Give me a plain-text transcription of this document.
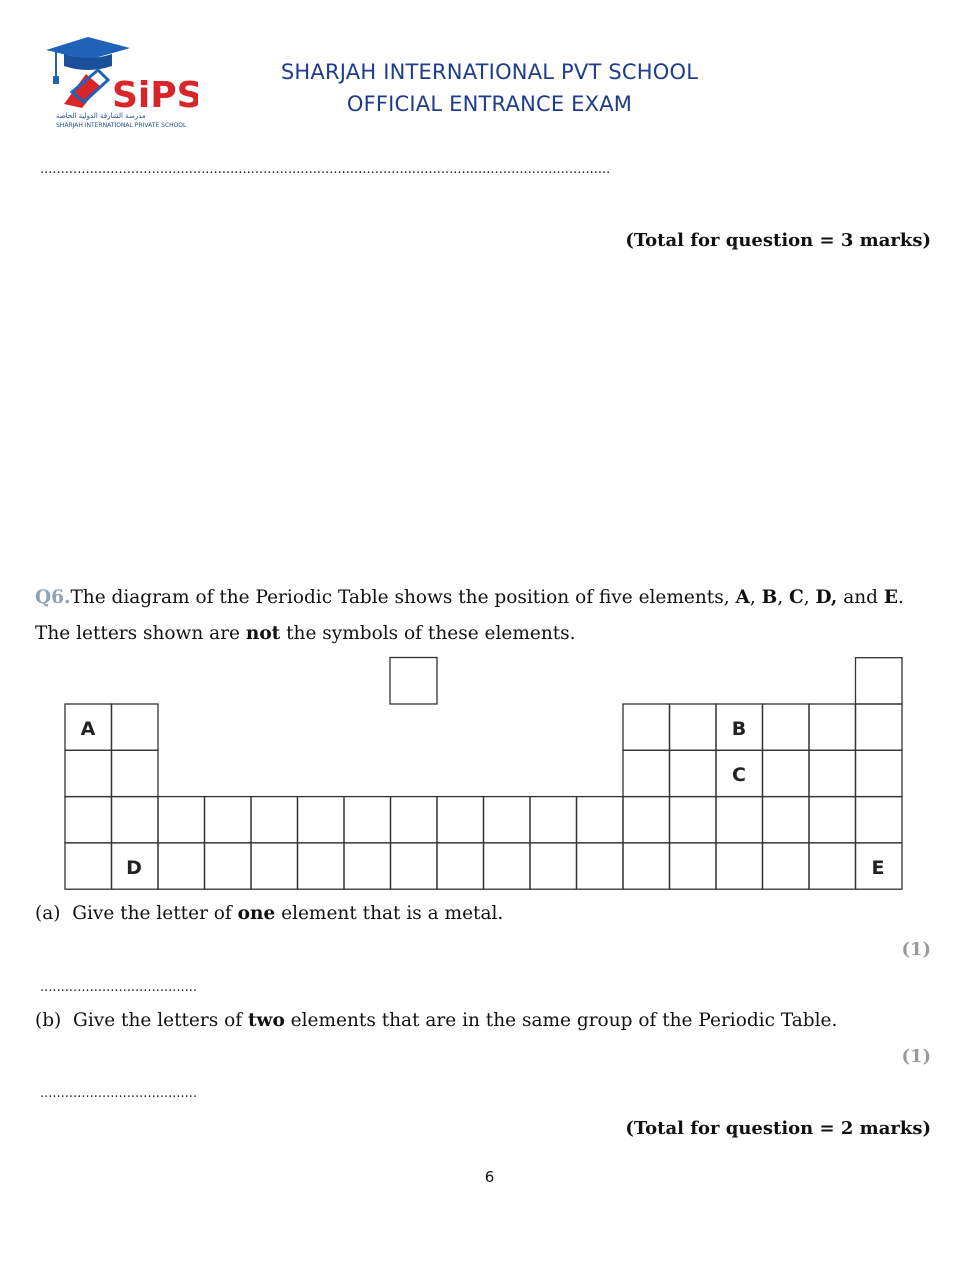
SiPS
مدرسة الشارقة الدولية الخاصة
SHARJAH INTERNATIONAL PRIVATE SCHOOL
SHARJAH INTERNATIONAL PVT SCHOOL
OFFICIAL ENTRANCE EXAM
..........................................................................................................................................
(Total for question = 3 marks)
Q6.The diagram of the Periodic Table shows the position of five elements, A, B, C, D, and E.
The letters shown are not the symbols of these elements.
A	B
C
D	E
(a) Give the letter of one element that is a metal.
(1)
......................................
(b) Give the letters of two elements that are in the same group of the Periodic Table.
(1)
......................................
(Total for question = 2 marks)
6
